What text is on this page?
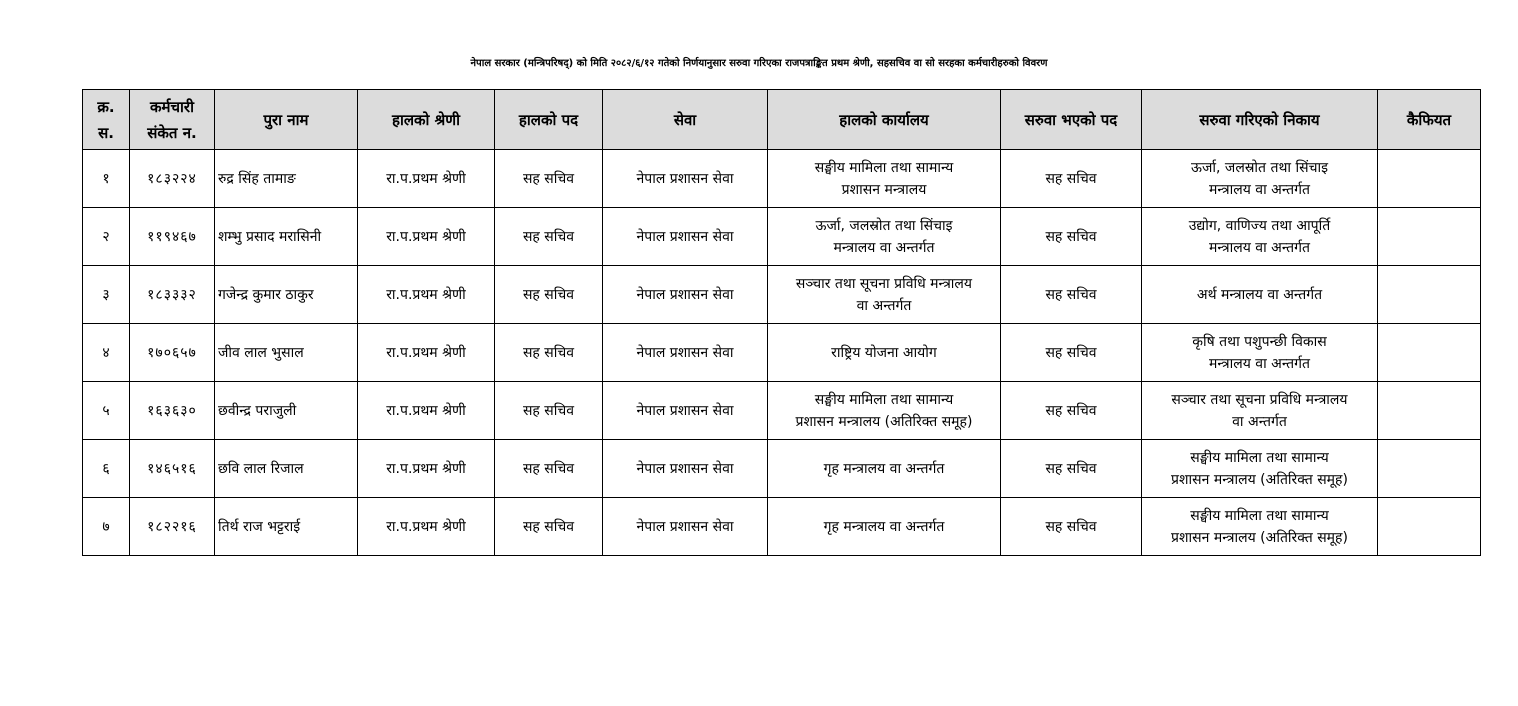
नेपाल सरकार (मन्त्रिपरिषद्) को मिति २०८२/६/१२ गतेको निर्णयानुसार सरुवा गरिएका राजपत्राङ्कित प्रथम श्रेणी, सहसचिव वा सो सरहका कर्मचारीहरुको विवरण
क्र.
स.	कर्मचारी
संकेत न.	पुरा नाम	हालको श्रेणी	हालको पद	सेवा	हालको कार्यालय	सरुवा भएको पद	सरुवा गरिएको निकाय	कैफियत
१	१८३२२४	रुद्र सिंह तामाङ	रा.प.प्रथम श्रेणी	सह सचिव	नेपाल प्रशासन सेवा	सङ्घीय मामिला तथा सामान्य
प्रशासन मन्त्रालय	सह सचिव	ऊर्जा, जलस्रोत तथा सिंचाइ
मन्त्रालय वा अन्तर्गत	

२	११९४६७	शम्भु प्रसाद मरासिनी	रा.प.प्रथम श्रेणी	सह सचिव	नेपाल प्रशासन सेवा	ऊर्जा, जलस्रोत तथा सिंचाइ
मन्त्रालय वा अन्तर्गत	सह सचिव	उद्योग, वाणिज्य तथा आपूर्ति
मन्त्रालय वा अन्तर्गत	

३	१८३३३२	गजेन्द्र कुमार ठाकुर	रा.प.प्रथम श्रेणी	सह सचिव	नेपाल प्रशासन सेवा	सञ्चार तथा सूचना प्रविधि मन्त्रालय
वा अन्तर्गत	सह सचिव	अर्थ मन्त्रालय वा अन्तर्गत	

४	१७०६५७	जीव लाल भुसाल	रा.प.प्रथम श्रेणी	सह सचिव	नेपाल प्रशासन सेवा	राष्ट्रिय योजना आयोग	सह सचिव	कृषि तथा पशुपन्छी विकास
मन्त्रालय वा अन्तर्गत	

५	१६३६३०	छवीन्द्र पराजुली	रा.प.प्रथम श्रेणी	सह सचिव	नेपाल प्रशासन सेवा	सङ्घीय मामिला तथा सामान्य
प्रशासन मन्त्रालय (अतिरिक्त समूह)	सह सचिव	सञ्चार तथा सूचना प्रविधि मन्त्रालय
वा अन्तर्गत	

६	१४६५१६	छवि लाल रिजाल	रा.प.प्रथम श्रेणी	सह सचिव	नेपाल प्रशासन सेवा	गृह मन्त्रालय वा अन्तर्गत	सह सचिव	सङ्घीय मामिला तथा सामान्य
प्रशासन मन्त्रालय (अतिरिक्त समूह)	

७	१८२२१६	तिर्थ राज भट्टराई	रा.प.प्रथम श्रेणी	सह सचिव	नेपाल प्रशासन सेवा	गृह मन्त्रालय वा अन्तर्गत	सह सचिव	सङ्घीय मामिला तथा सामान्य
प्रशासन मन्त्रालय (अतिरिक्त समूह)	
